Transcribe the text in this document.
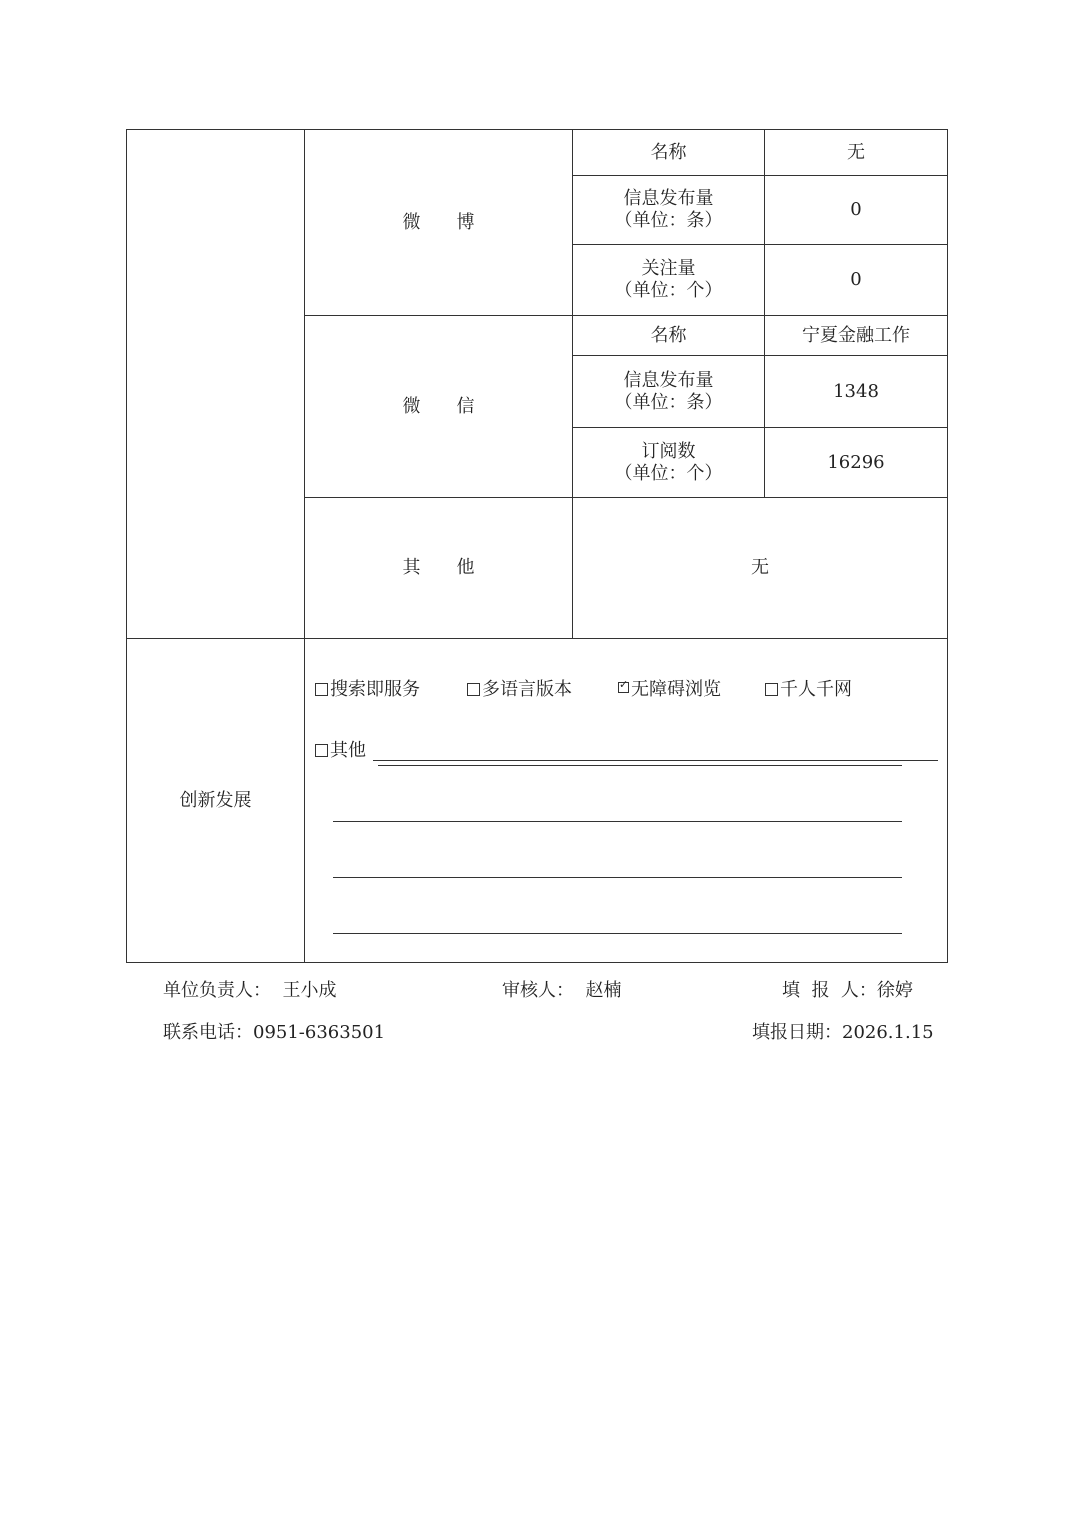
微　　博
名称	无
信息发布量
（单位：条）
0
关注量
（单位：个）
0
微　　信
名称	宁夏金融工作
信息发布量
（单位：条）
1348
订阅数
（单位：个）
16296
其　　他	无
创新发展
搜索即服务	多语言版本
✓	无障碍浏览	千人千网
其他
单位负责人：  王小成	审核人：  赵楠	填  报  人：徐婷
联系电话：0951-6363501	填报日期：2026.1.15
